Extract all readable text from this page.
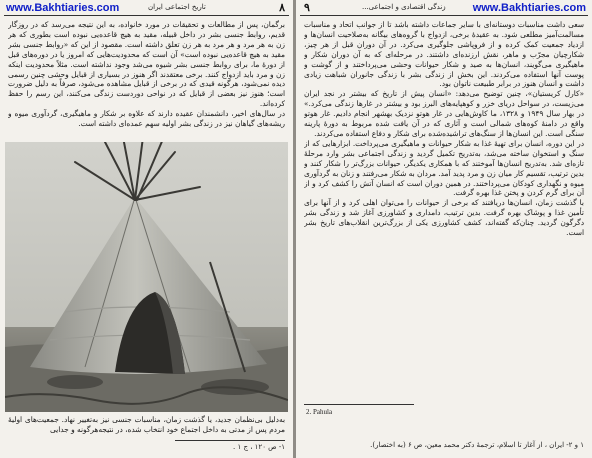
www.Bakhtiaries.com	تاریخ اجتماعی ایران	۸

برگمان، پس از مطالعات و تحقیقات در مورد خانواده، به این نتیجه می‌رسد که در روزگار قدیم، روابط جنسی بشر در داخل قبیله، مقید به هیچ قاعده‌یی نبوده است بطوری که هر زن به هر مرد و هر مرد به هر زن تعلق داشته است. مقصود از این که «روابط جنسی بشر مقید به هیچ قاعده‌یی نبوده است» آن است که محدودیت‌هایی که امروز یا در دوره‌های قبل از دورهٔ ما، برای روابط جنسی بشر شیوه می‌شد وجود نداشته است. مثلاً محدودیت اینکه زن و مرد باید ازدواج کنند. برخی معتقدند اگر هنوز در بسیاری از قبایل وحشی چنین رسمی دیده نمی‌شود، هرگونه قیدی که در برخی از قبایل مشاهده می‌شود، صرفاً به دلیل ضرورت است؛ هنوز نیز بعضی از قبایل که در نواحی دوردست زندگی می‌کنند، این رسم را حفظ کرده‌اند.

در سال‌های اخیر، دانشمندان عقیده دارند که علاوه بر شکار و ماهیگیری، گردآوری میوه و ریشه‌های گیاهان نیز در زندگی بشر اولیه سهم عمده‌ای داشته است.

به‌دلیل بی‌نظمان جدید، یا گذشت زمان، مناسبات جنسی نیز به‌تغییر نهاد. جمعیت‌های اولیهٔ مردم پس از مدتی به داخل اجتماع خود انتخاب شده، در نتیجه‌هرگونه و جدایی
۱- ص ۱۲۰ ، ج ۱ .
۹	زندگی اقتصادی و اجتماعی... www.Bakhtiaries.com

سعی داشت مناسبات دوستانه‌ای با سایر جماعات داشته باشد تا از جوانب اتحاد و مناسبات مسالمت‌آمیز مطلعی شود. به عقیدهٔ برخی، ازدواج با گروه‌های بیگانه به‌صلاحیت انسان‌ها و ازدیاد جمعیت کمک کرده و از فروپاشی جلوگیری می‌کرد. در آن دوران قبل از هر چیز، شکارچیان مجرّب و ماهر، نقش ارزنده‌ای داشتند. در مرحله‌ای که به آن دوران شکار و ماهیگیری می‌گویند، انسان‌ها به صید و شکار حیوانات وحشی می‌پرداختند و از گوشت و پوست آنها استفاده می‌کردند. این بخش از زندگی بشر با زندگی جانوران شباهت زیادی داشت و انسان هنوز در برابر طبیعت ناتوان بود.

«کارل کریستیان»، چنین توضیح می‌دهد: «انسان پیش از تاریخ که بیشتر در نجد ایران می‌زیست، در سواحل دریای خزر و کوهپایه‌های البرز بود و بیشتر در غارها زندگی می‌کرد.» در بهار سال ۱۹۴۹ و ۱۳۲۸، ما کاوش‌هایی در غار هوتو نزدیک بهشهر انجام دادیم. غار هوتو واقع در دامنهٔ کوه‌های شمالی است و آثاری که در آن یافت شده مربوط به دورهٔ پارینه سنگی است. این انسان‌ها از سنگ‌های تراشیده‌شده برای شکار و دفاع استفاده می‌کردند.

در این دوره، انسان برای تهیهٔ غذا به شکار حیوانات و ماهیگیری می‌پرداخت. ابزارهایی که از سنگ و استخوان ساخته می‌شد، به‌تدریج تکمیل گردید و زندگی اجتماعی بشر وارد مرحلهٔ تازه‌ای شد. به‌تدریج انسان‌ها آموختند که با همکاری یکدیگر، حیوانات بزرگ‌تر را شکار کنند و بدین ترتیب، تقسیم کار میان زن و مرد پدید آمد. مردان به شکار می‌رفتند و زنان به گردآوری میوه و نگهداری کودکان می‌پرداختند. در همین دوران است که انسان آتش را کشف کرد و از آن برای گرم کردن و پختن غذا بهره گرفت.

با گذشت زمان، انسان‌ها دریافتند که برخی از حیوانات را می‌توان اهلی کرد و از آنها برای تأمین غذا و پوشاک بهره گرفت. بدین ترتیب، دامداری و کشاورزی آغاز شد و زندگی بشر دگرگون گردید. چنان‌که گفته‌اند، کشف کشاورزی یکی از بزرگ‌ترین انقلاب‌های تاریخ بشر است.

2. Pahula
۱ و ۲- ایران ، از آغاز تا اسلام، ترجمهٔ دکتر محمد معین، ص ۶ (به اختصار).
